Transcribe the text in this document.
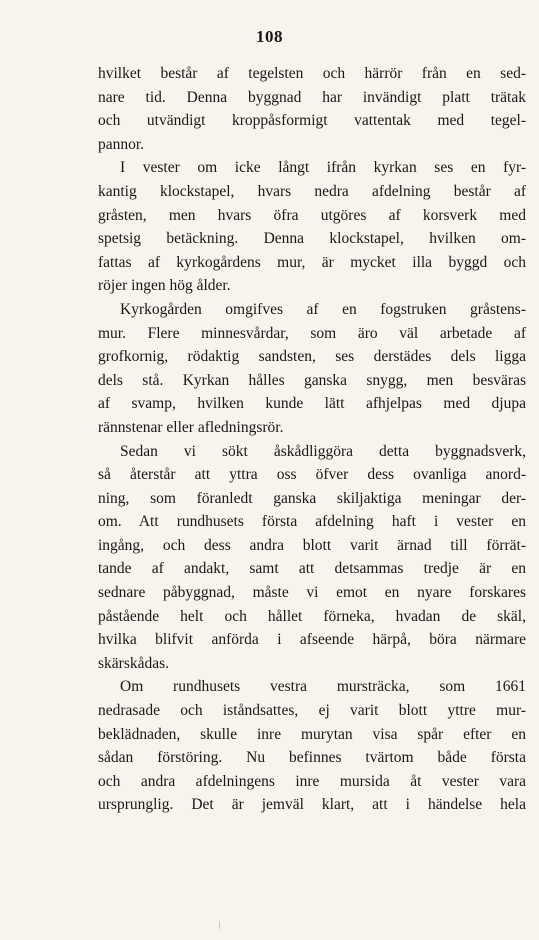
108
hvilket består af tegelsten och härrör från en sed-
nare tid. Denna byggnad har invändigt platt trätak
och utvändigt kroppåsformigt vattentak med tegel-
pannor.
I vester om icke långt ifrån kyrkan ses en fyr-
kantig klockstapel, hvars nedra afdelning består af
gråsten, men hvars öfra utgöres af korsverk med
spetsig betäckning. Denna klockstapel, hvilken om-
fattas af kyrkogårdens mur, är mycket illa byggd och
röjer ingen hög ålder.
Kyrkogården omgifves af en fogstruken gråstens-
mur. Flere minnesvårdar, som äro väl arbetade af
grofkornig, rödaktig sandsten, ses derstädes dels ligga
dels stå. Kyrkan hålles ganska snygg, men besväras
af svamp, hvilken kunde lätt afhjelpas med djupa
rännstenar eller afledningsrör.
Sedan vi sökt åskådliggöra detta byggnadsverk,
så återstår att yttra oss öfver dess ovanliga anord-
ning, som föranledt ganska skiljaktiga meningar der-
om. Att rundhusets första afdelning haft i vester en
ingång, och dess andra blott varit ärnad till förrät-
tande af andakt, samt att detsammas tredje är en
sednare påbyggnad, måste vi emot en nyare forskares
påstående helt och hållet förneka, hvadan de skäl,
hvilka blifvit anförda i afseende härpå, böra närmare
skärskådas.
Om rundhusets vestra mursträcka, som 1661
nedrasade och iståndsattes, ej varit blott yttre mur-
beklädnaden, skulle inre murytan visa spår efter en
sådan förstöring. Nu befinnes tvärtom både första
och andra afdelningens inre mursida åt vester vara
ursprunglig. Det är jemväl klart, att i händelse hela
⁄
